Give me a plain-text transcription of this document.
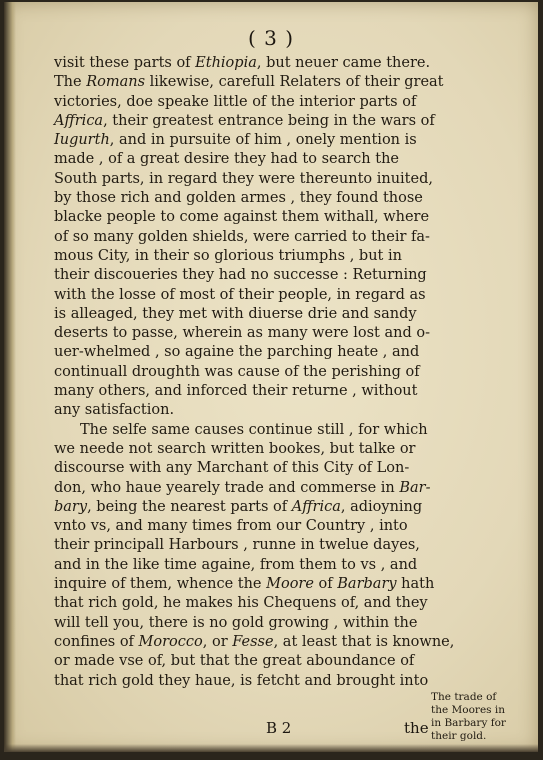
( 3 )
visit these parts of Ethiopia, but neuer came there.
The Romans likewise, carefull Relaters of their great
victories, doe speake little of the interior parts of
Affrica, their greatest entrance being in the wars of
Iugurth, and in pursuite of him , onely mention is
made , of a great desire they had to search the
South parts, in regard they were thereunto inuited,
by those rich and golden armes , they found those
blacke people to come against them withall, where
of so many golden shields, were carried to their fa-
mous City, in their so glorious triumphs , but in
their discoueries they had no successe : Returning
with the losse of most of their people, in regard as
is alleaged, they met with diuerse drie and sandy
deserts to passe, wherein as many were lost and o-
uer-whelmed , so againe the parching heate , and
continuall droughth was cause of the perishing of
many others, and inforced their returne , without
any satisfaction.
The selfe same causes continue still , for which
we neede not search written bookes, but talke or
discourse with any Marchant of this City of Lon-
don, who haue yearely trade and commerse in Bar-
bary, being the nearest parts of Affrica, adioyning
vnto vs, and many times from our Country , into
their principall Harbours , runne in twelue dayes,
and in the like time againe, from them to vs , and
inquire of them, whence the Moore of Barbary hath
that rich gold, he makes his Chequens of, and they
will tell you, there is no gold growing , within the
confines of Morocco, or Fesse, at least that is knowne,
or made vse of, but that the great aboundance of
that rich gold they haue, is fetcht and brought into
The trade of
the Moores in
in Barbary for
their gold.
B 2	the
